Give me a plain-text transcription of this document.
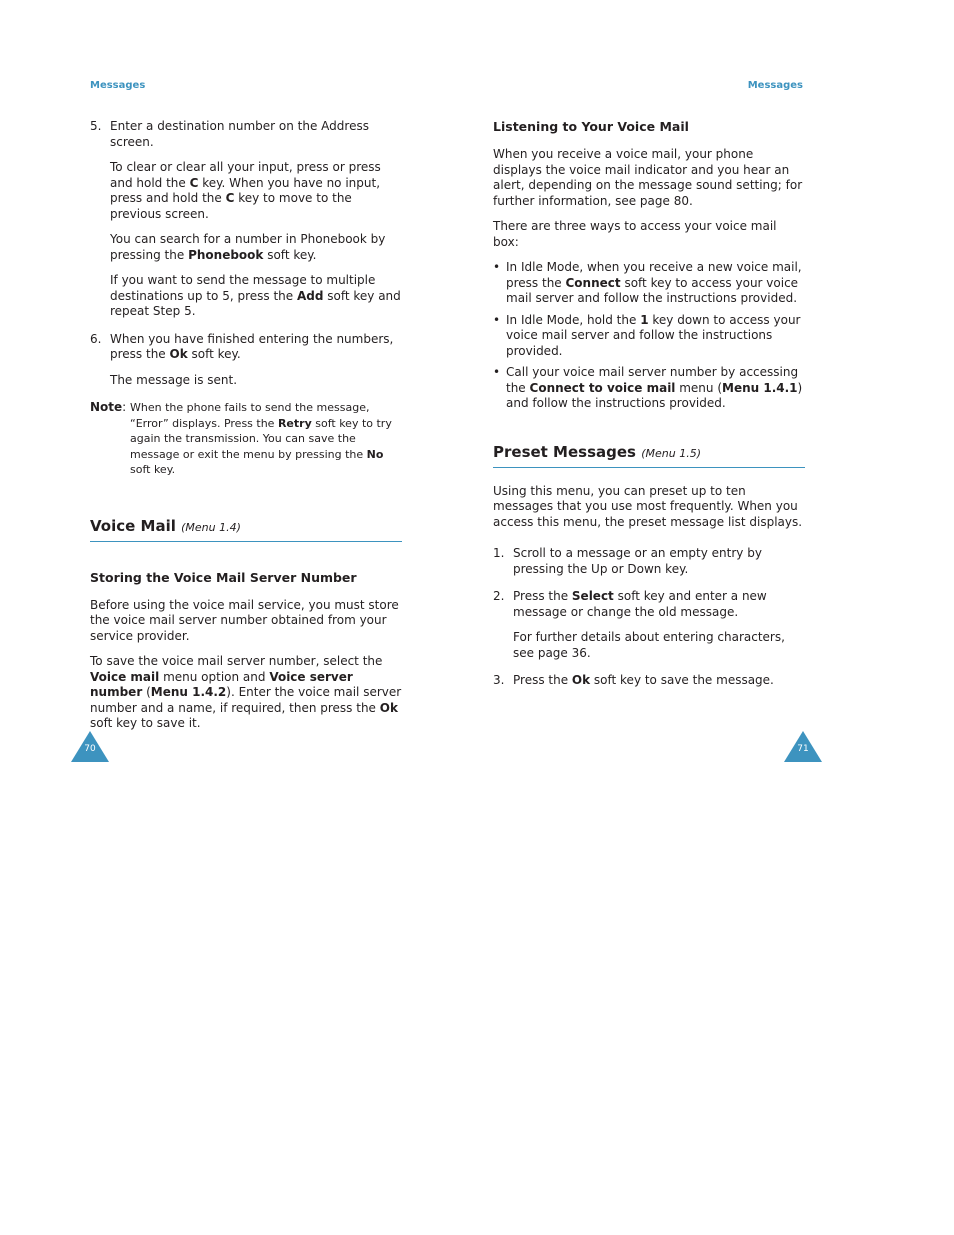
Messages
5. Enter a destination number on the Address screen.

To clear or clear all your input, press or press and hold the C key. When you have no input, press and hold the C key to move to the previous screen.

You can search for a number in Phonebook by pressing the Phonebook soft key.

If you want to send the message to multiple destinations up to 5, press the Add soft key and repeat Step 5.

6. When you have finished entering the numbers, press the Ok soft key.

The message is sent.

Note: When the phone fails to send the message, “Error” displays. Press the Retry soft key to try again the transmission. You can save the message or exit the menu by pressing the No soft key.
Voice Mail (Menu 1.4)
Storing the Voice Mail Server Number

Before using the voice mail service, you must store the voice mail server number obtained from your service provider.

To save the voice mail server number, select the Voice mail menu option and Voice server number (Menu 1.4.2). Enter the voice mail server number and a name, if required, then press the Ok soft key to save it.

70
Messages
Listening to Your Voice Mail

When you receive a voice mail, your phone displays the voice mail indicator and you hear an alert, depending on the message sound setting; for further information, see page 80.

There are three ways to access your voice mail box:

• In Idle Mode, when you receive a new voice mail, press the Connect soft key to access your voice mail server and follow the instructions provided.
• In Idle Mode, hold the 1 key down to access your voice mail server and follow the instructions provided.
• Call your voice mail server number by accessing the Connect to voice mail menu (Menu 1.4.1) and follow the instructions provided.
Preset Messages (Menu 1.5)

Using this menu, you can preset up to ten messages that you use most frequently. When you access this menu, the preset message list displays.

1. Scroll to a message or an empty entry by pressing the Up or Down key.

2. Press the Select soft key and enter a new message or change the old message.

For further details about entering characters, see page 36.

3. Press the Ok soft key to save the message.

71
